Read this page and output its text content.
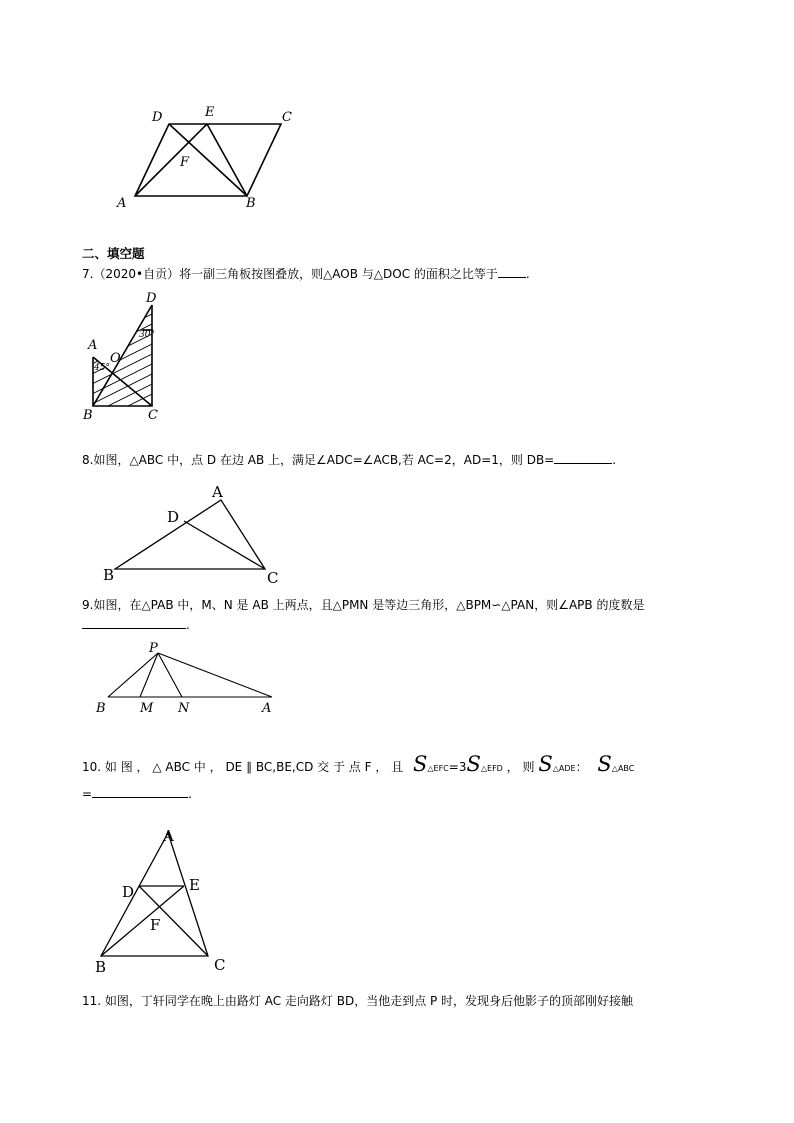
D	E	C
F
A	B
二、填空题
7.（2020•自贡）将一副三角板按图叠放，则△AOB 与△DOC 的面积之比等于 .
D
A
O
B	C
30°
45°
8.如图，△ABC 中，点 D 在边 AB 上，满足∠ADC=∠ACB,若 AC=2，AD=1，则 DB=	.
A
D
B	C
9.如图，在△PAB 中，M、N 是 AB 上两点，且△PMN 是等边三角形，△BPM∽△PAN，则∠APB 的度数是
.
P
B	M N	A
10. 如 图 ， △ ABC 中 ， DE ∥ BC,BE,CD 交 于 点 F ， 且 S△EFC=3S△EFD ， 则 S△ADE： S△ABC
=	.
A
D	E
F
B	C
11. 如图，丁轩同学在晚上由路灯 AC 走向路灯 BD，当他走到点 P 时，发现身后他影子的顶部刚好接触
